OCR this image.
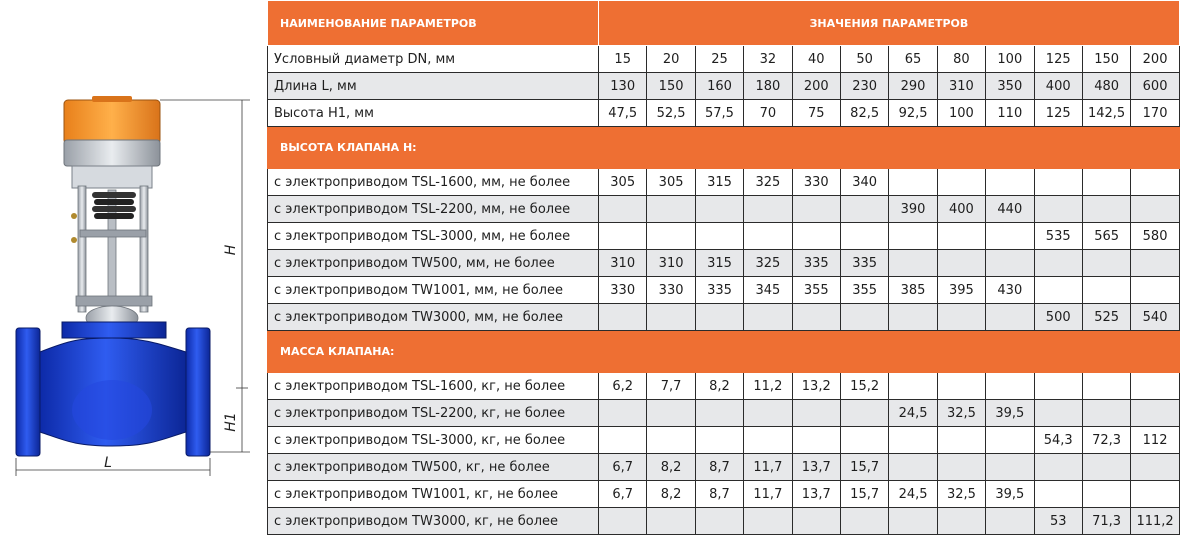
H
H1
L
НАИМЕНОВАНИЕ ПАРАМЕТРОВ	ЗНАЧЕНИЯ ПАРАМЕТРОВ											
Условный диаметр DN, мм	15	20	25	32	40	50	65	80	100	125	150	200
Длина L, мм	130	150	160	180	200	230	290	310	350	400	480	600
Высота H1, мм	47,5	52,5	57,5	70	75	82,5	92,5	100	110	125	142,5	170
ВЫСОТА КЛАПАНА H:												
с электроприводом TSL-1600, мм, не более	305	305	315	325	330	340						
с электроприводом TSL-2200, мм, не более							390	400	440			
с электроприводом TSL-3000, мм, не более										535	565	580
с электроприводом TW500, мм, не более	310	310	315	325	335	335						
с электроприводом TW1001, мм, не более	330	330	335	345	355	355	385	395	430			
с электроприводом TW3000, мм, не более										500	525	540
МАССА КЛАПАНА:												
с электроприводом TSL-1600, кг, не более	6,2	7,7	8,2	11,2	13,2	15,2						
с электроприводом TSL-2200, кг, не более							24,5	32,5	39,5			
с электроприводом TSL-3000, кг, не более										54,3	72,3	112
с электроприводом TW500, кг, не более	6,7	8,2	8,7	11,7	13,7	15,7						
с электроприводом TW1001, кг, не более	6,7	8,2	8,7	11,7	13,7	15,7	24,5	32,5	39,5			
с электроприводом TW3000, кг, не более										53	71,3	111,2
